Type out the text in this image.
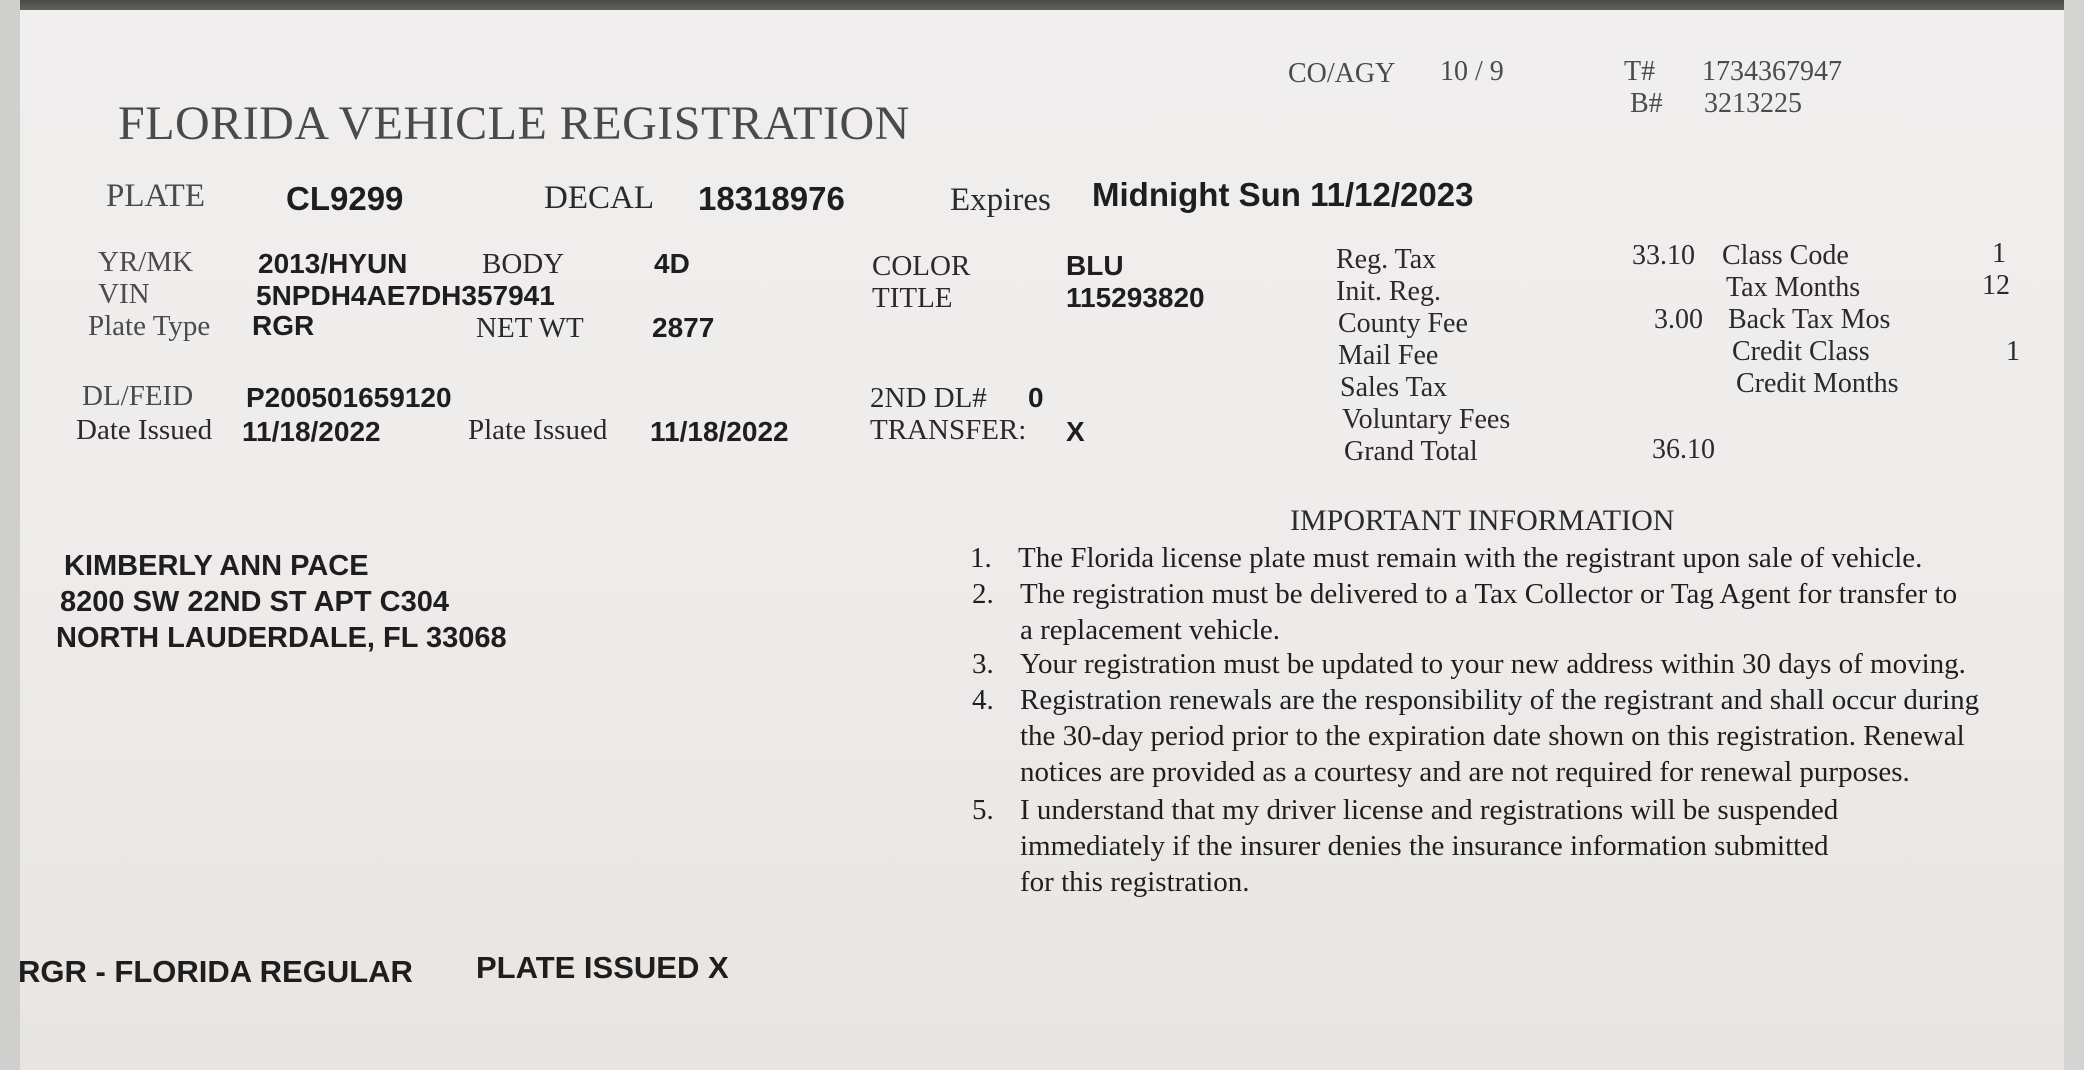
FLORIDA VEHICLE REGISTRATION
CO/AGY 10 / 9	T# 1734367947
B# 3213225
PLATE CL9299	DECAL 18318976	Expires Midnight Sun 11/12/2023
YR/MK 2013/HYUN	BODY	4D
VIN	5NPDH4AE7DH357941
Plate Type RGR	NET WT 2877
COLOR	BLU
TITLE	115293820
DL/FEID P200501659120
Date Issued 11/18/2022	Plate Issued 11/18/2022
2ND DL# 0
TRANSFER: X
Reg. Tax	33.10
Init. Reg.
County Fee	3.00
Mail Fee
Sales Tax
Voluntary Fees
Grand Total	36.10
Class Code	1
Tax Months	12
Back Tax Mos
Credit Class	1
Credit Months
KIMBERLY ANN PACE
8200 SW 22ND ST APT C304
NORTH LAUDERDALE, FL 33068
IMPORTANT INFORMATION
1. The Florida license plate must remain with the registrant upon sale of vehicle.
2. The registration must be delivered to a Tax Collector or Tag Agent for transfer to
a replacement vehicle.
3. Your registration must be updated to your new address within 30 days of moving.
4. Registration renewals are the responsibility of the registrant and shall occur during
the 30-day period prior to the expiration date shown on this registration. Renewal
notices are provided as a courtesy and are not required for renewal purposes.
5. I understand that my driver license and registrations will be suspended
immediately if the insurer denies the insurance information submitted
for this registration.
RGR - FLORIDA REGULAR PLATE ISSUED X
